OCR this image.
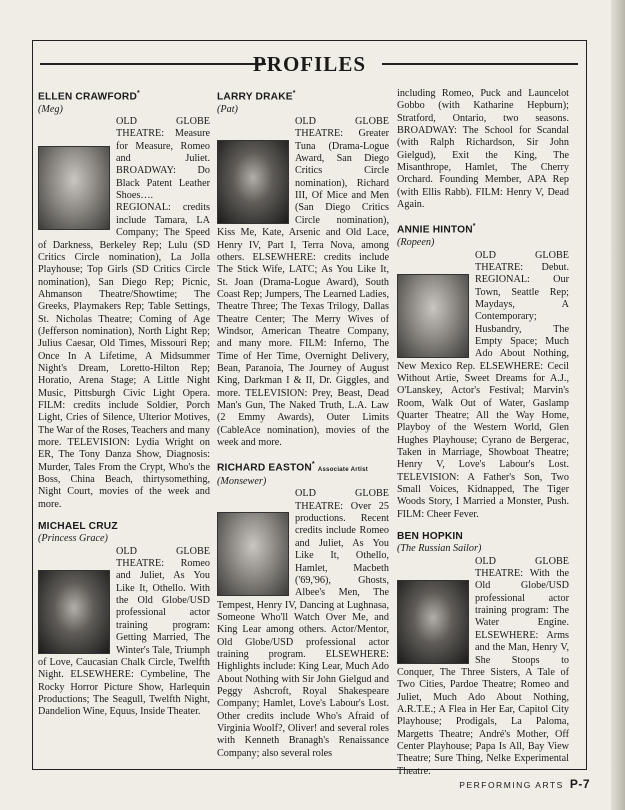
PROFILES
ELLEN CRAWFORD*
(Meg)

OLD GLOBE THEATRE: Measure for Measure, Romeo and Juliet. BROADWAY: Do Black Patent Leather Shoes…. REGIONAL: credits include Tamara, LA Company; The Speed of Darkness, Berkeley Rep; Lulu (SD Critics Circle nomination), La Jolla Playhouse; Top Girls (SD Critics Circle nomination), San Diego Rep; Picnic, Ahmanson Theatre/Showtime; The Greeks, Playmakers Rep; Table Settings, St. Nicholas Theatre; Coming of Age (Jefferson nomination), North Light Rep; Julius Caesar, Old Times, Missouri Rep; Once In A Lifetime, A Midsummer Night's Dream, Loretto-Hilton Rep; Horatio, Arena Stage; A Little Night Music, Pittsburgh Civic Light Opera. FILM: credits include Soldier, Porch Light, Cries of Silence, Ulterior Motives, The War of the Roses, Teachers and many more. TELEVISION: Lydia Wright on ER, The Tony Danza Show, Diagnosis: Murder, Tales From the Crypt, Who's the Boss, China Beach, thirtysomething, Night Court, movies of the week and more.

MICHAEL CRUZ
(Princess Grace)

OLD GLOBE THEATRE: Romeo and Juliet, As You Like It, Othello. With the Old Globe/USD professional actor training program: Getting Married, The Winter's Tale, Triumph of Love, Caucasian Chalk Circle, Twelfth Night. ELSEWHERE: Cymbeline, The Rocky Horror Picture Show, Harlequin Productions; The Seagull, Twelfth Night, Dandelion Wine, Equus, Inside Theater.

LARRY DRAKE*
(Pat)

OLD GLOBE THEATRE: Greater Tuna (Drama-Logue Award, San Diego Critics Circle nomination), Richard III, Of Mice and Men (San Diego Critics Circle nomination), Kiss Me, Kate, Arsenic and Old Lace, Henry IV, Part I, Terra Nova, among others. ELSEWHERE: credits include The Stick Wife, LATC; As You Like It, St. Joan (Drama-Logue Award), South Coast Rep; Jumpers, The Learned Ladies, Theatre Three; The Texas Trilogy, Dallas Theatre Center; The Merry Wives of Windsor, American Theatre Company, and many more. FILM: Inferno, The Time of Her Time, Overnight Delivery, Bean, Paranoia, The Journey of August King, Darkman I & II, Dr. Giggles, and more. TELEVISION: Prey, Beast, Dead Man's Gun, The Naked Truth, L.A. Law (2 Emmy Awards), Outer Limits (CableAce nomination), movies of the week and more.

RICHARD EASTON*Associate Artist
(Monsewer)

OLD GLOBE THEATRE: Over 25 productions. Recent credits include Romeo and Juliet, As You Like It, Othello, Hamlet, Macbeth ('69,'96), Ghosts, Albee's Men, The Tempest, Henry IV, Dancing at Lughnasa, Someone Who'll Watch Over Me, and King Lear among others. Actor/Mentor, Old Globe/USD professional actor training program. ELSEWHERE: Highlights include: King Lear, Much Ado About Nothing with Sir John Gielgud and Peggy Ashcroft, Royal Shakespeare Company; Hamlet, Love's Labour's Lost. Other credits include Who's Afraid of Virginia Woolf?, Oliver! and several roles with Kenneth Branagh's Renaissance Company; also several roles

including Romeo, Puck and Launcelot Gobbo (with Katharine Hepburn); Stratford, Ontario, two seasons. BROADWAY: The School for Scandal (with Ralph Richardson, Sir John Gielgud), Exit the King, The Misanthrope, Hamlet, The Cherry Orchard. Founding Member, APA Rep (with Ellis Rabb). FILM: Henry V, Dead Again.

ANNIE HINTON*
(Ropeen)

OLD GLOBE THEATRE: Debut. REGIONAL: Our Town, Seattle Rep; Maydays, A Contemporary; Husbandry, The Empty Space; Much Ado About Nothing, New Mexico Rep. ELSEWHERE: Cecil Without Artie, Sweet Dreams for A.J., O'Lanskey, Actor's Festival; Marvin's Room, Walk Out of Water, Gaslamp Quarter Theatre; All the Way Home, Playboy of the Western World, Glen Hughes Playhouse; Cyrano de Bergerac, Taken in Marriage, Showboat Theatre; Henry V, Love's Labour's Lost. TELEVISION: A Father's Son, Two Small Voices, Kidnapped, The Tiger Woods Story, I Married a Monster, Push. FILM: Cheer Fever.

BEN HOPKIN
(The Russian Sailor)

OLD GLOBE THEATRE: With the Old Globe/USD professional actor training program: The Water Engine. ELSEWHERE: Arms and the Man, Henry V, She Stoops to Conquer, The Three Sisters, A Tale of Two Cities, Pardoe Theatre; Romeo and Juliet, Much Ado About Nothing, A.R.T.E.; A Flea in Her Ear, Capitol City Playhouse; Prodigals, La Paloma, Margetts Theatre; André's Mother, Off Center Playhouse; Papa Is All, Bay View Theatre; Sure Thing, Nelke Experimental Theatre.

PERFORMING ARTS P-7
